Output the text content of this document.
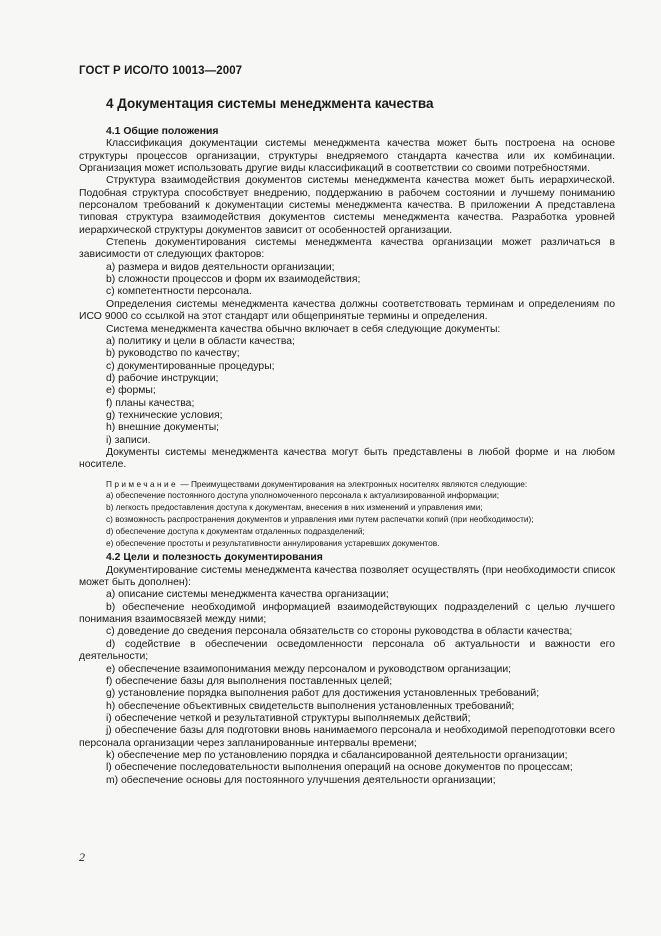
ГОСТ Р ИСО/ТО 10013—2007
4 Документация системы менеджмента качества
4.1 Общие положения

Классификация документации системы менеджмента качества может быть построена на основе структуры процессов организации, структуры внедряемого стандарта качества или их комбинации. Организация может использовать другие виды классификаций в соответствии со своими потребностями.

Структура взаимодействия документов системы менеджмента качества может быть иерархической. Подобная структура способствует внедрению, поддержанию в рабочем состоянии и лучшему пониманию персоналом требований к документации системы менеджмента качества. В приложении А представлена типовая структура взаимодействия документов системы менеджмента качества. Разработка уровней иерархической структуры документов зависит от особенностей организации.

Степень документирования системы менеджмента качества организации может различаться в зависимости от следующих факторов:

a) размера и видов деятельности организации;
b) сложности процессов и форм их взаимодействия;
c) компетентности персонала.

Определения системы менеджмента качества должны соответствовать терминам и определениям по ИСО 9000 со ссылкой на этот стандарт или общепринятые термины и определения.

Система менеджмента качества обычно включает в себя следующие документы:

a) политику и цели в области качества;
b) руководство по качеству;
c) документированные процедуры;
d) рабочие инструкции;
e) формы;
f) планы качества;
g) технические условия;
h) внешние документы;
i) записи.

Документы системы менеджмента качества могут быть представлены в любой форме и на любом носителе.

Примечание — Преимуществами документирования на электронных носителях являются следующие:
a) обеспечение постоянного доступа уполномоченного персонала к актуализированной информации;
b) легкость предоставления доступа к документам, внесения в них изменений и управления ими;
c) возможность распространения документов и управления ими путем распечатки копий (при необходимости);
d) обеспечение доступа к документам отдаленных подразделений;
e) обеспечение простоты и результативности аннулирования устаревших документов.
4.2 Цели и полезность документирования

Документирование системы менеджмента качества позволяет осуществлять (при необходимости список может быть дополнен):

a) описание системы менеджмента качества организации;

b) обеспечение необходимой информацией взаимодействующих подразделений с целью лучшего понимания взаимосвязей между ними;

c) доведение до сведения персонала обязательств со стороны руководства в области качества;

d) содействие в обеспечении осведомленности персонала об актуальности и важности его деятельности;

e) обеспечение взаимопонимания между персоналом и руководством организации;
f) обеспечение базы для выполнения поставленных целей;
g) установление порядка выполнения работ для достижения установленных требований;
h) обеспечение объективных свидетельств выполнения установленных требований;
i) обеспечение четкой и результативной структуры выполняемых действий;

j) обеспечение базы для подготовки вновь нанимаемого персонала и необходимой переподготовки всего персонала организации через запланированные интервалы времени;

k) обеспечение мер по установлению порядка и сбалансированной деятельности организации;
l) обеспечение последовательности выполнения операций на основе документов по процессам;
m) обеспечение основы для постоянного улучшения деятельности организации;
2
